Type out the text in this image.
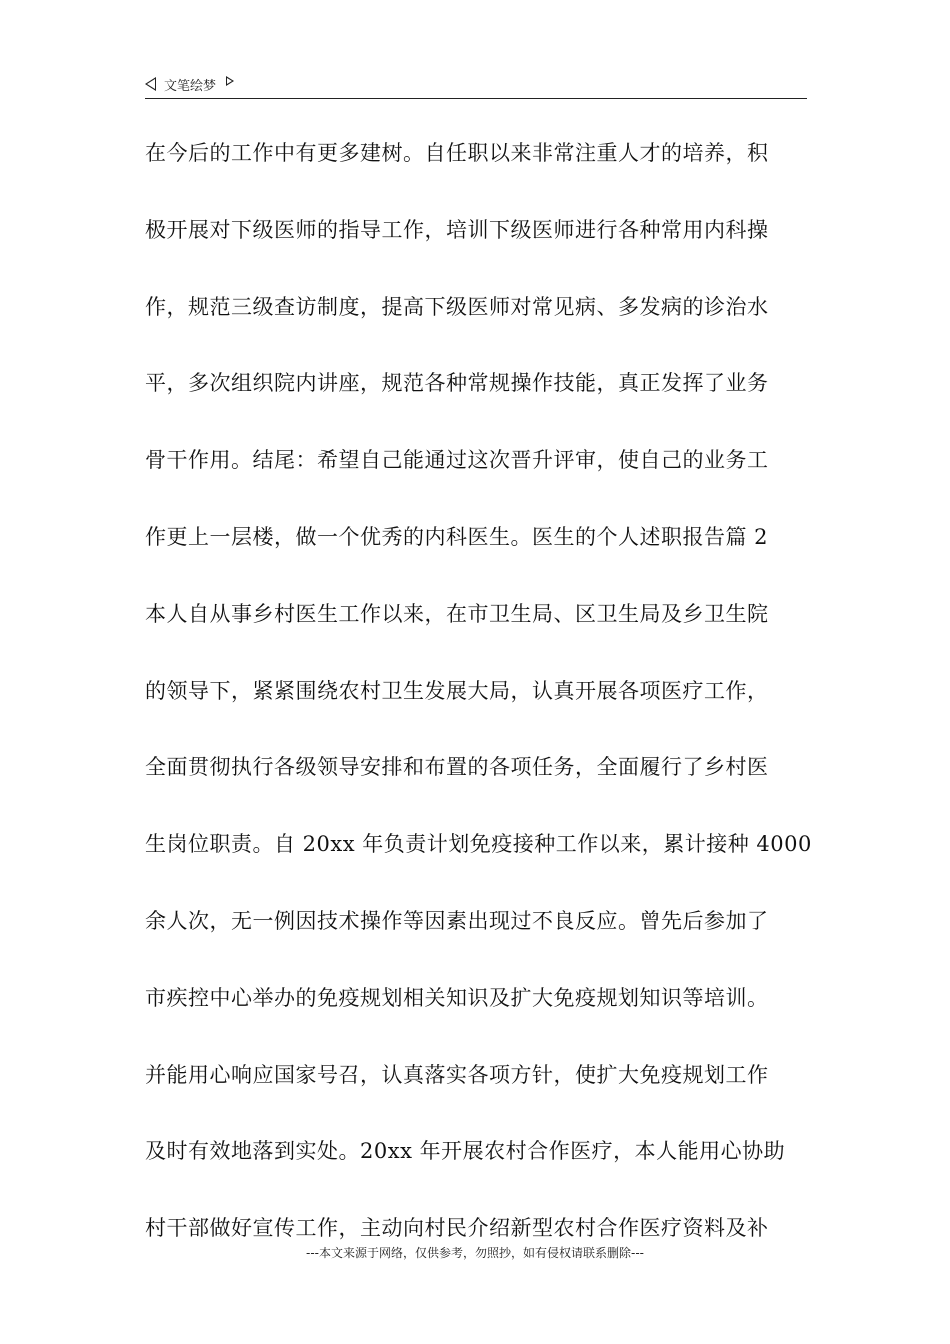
文笔绘梦
在今后的工作中有更多建树。自任职以来非常注重人才的培养，积
极开展对下级医师的指导工作，培训下级医师进行各种常用内科操
作，规范三级查访制度，提高下级医师对常见病、多发病的诊治水
平，多次组织院内讲座，规范各种常规操作技能，真正发挥了业务
骨干作用。结尾：希望自己能通过这次晋升评审，使自己的业务工
作更上一层楼，做一个优秀的内科医生。医生的个人述职报告篇 2
本人自从事乡村医生工作以来，在市卫生局、区卫生局及乡卫生院
的领导下，紧紧围绕农村卫生发展大局，认真开展各项医疗工作，
全面贯彻执行各级领导安排和布置的各项任务，全面履行了乡村医
生岗位职责。自 20xx 年负责计划免疫接种工作以来，累计接种 4000
余人次，无一例因技术操作等因素出现过不良反应。曾先后参加了
市疾控中心举办的免疫规划相关知识及扩大免疫规划知识等培训。
并能用心响应国家号召，认真落实各项方针，使扩大免疫规划工作
及时有效地落到实处。20xx 年开展农村合作医疗，本人能用心协助
村干部做好宣传工作，主动向村民介绍新型农村合作医疗资料及补
---本文来源于网络，仅供参考，勿照抄，如有侵权请联系删除---
